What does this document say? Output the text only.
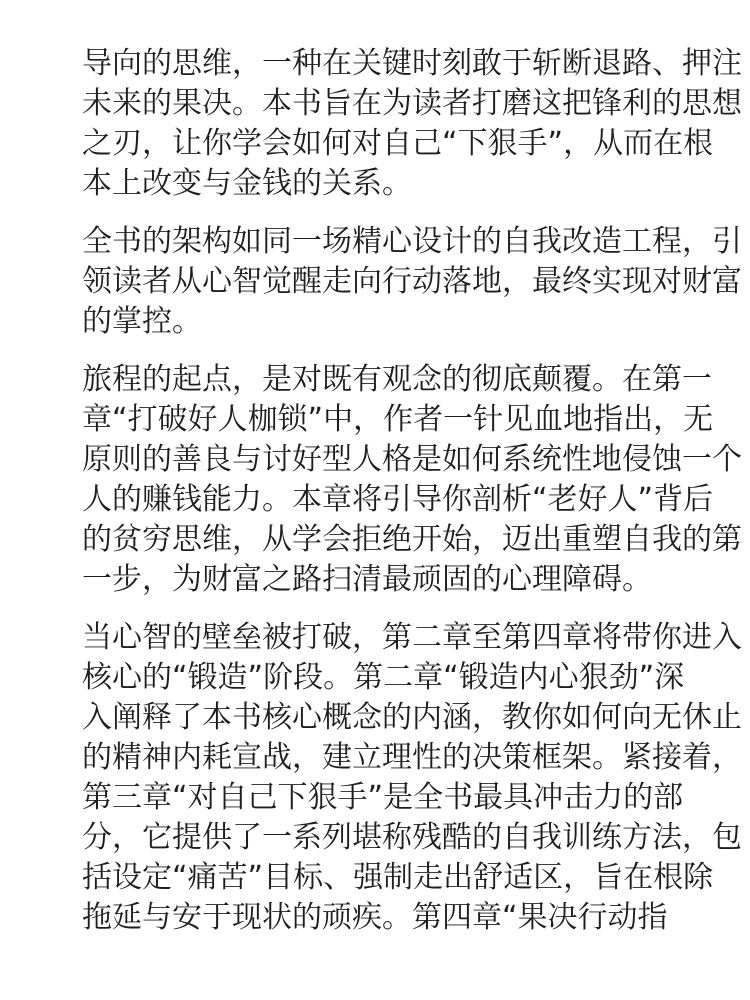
导向的思维，一种在关键时刻敢于斩断退路、押注
未来的果决。本书旨在为读者打磨这把锋利的思想
之刃，让你学会如何对自己“下狠手”，从而在根
本上改变与金钱的关系。

全书的架构如同一场精心设计的自我改造工程，引
领读者从心智觉醒走向行动落地，最终实现对财富
的掌控。

旅程的起点，是对既有观念的彻底颠覆。在第一
章“打破好人枷锁”中，作者一针见血地指出，无
原则的善良与讨好型人格是如何系统性地侵蚀一个
人的赚钱能力。本章将引导你剖析“老好人”背后
的贫穷思维，从学会拒绝开始，迈出重塑自我的第
一步，为财富之路扫清最顽固的心理障碍。

当心智的壁垒被打破，第二章至第四章将带你进入
核心的“锻造”阶段。第二章“锻造内心狠劲”深
入阐释了本书核心概念的内涵，教你如何向无休止
的精神内耗宣战，建立理性的决策框架。紧接着，
第三章“对自己下狠手”是全书最具冲击力的部
分，它提供了一系列堪称残酷的自我训练方法，包
括设定“痛苦”目标、强制走出舒适区，旨在根除
拖延与安于现状的顽疾。第四章“果决行动指
